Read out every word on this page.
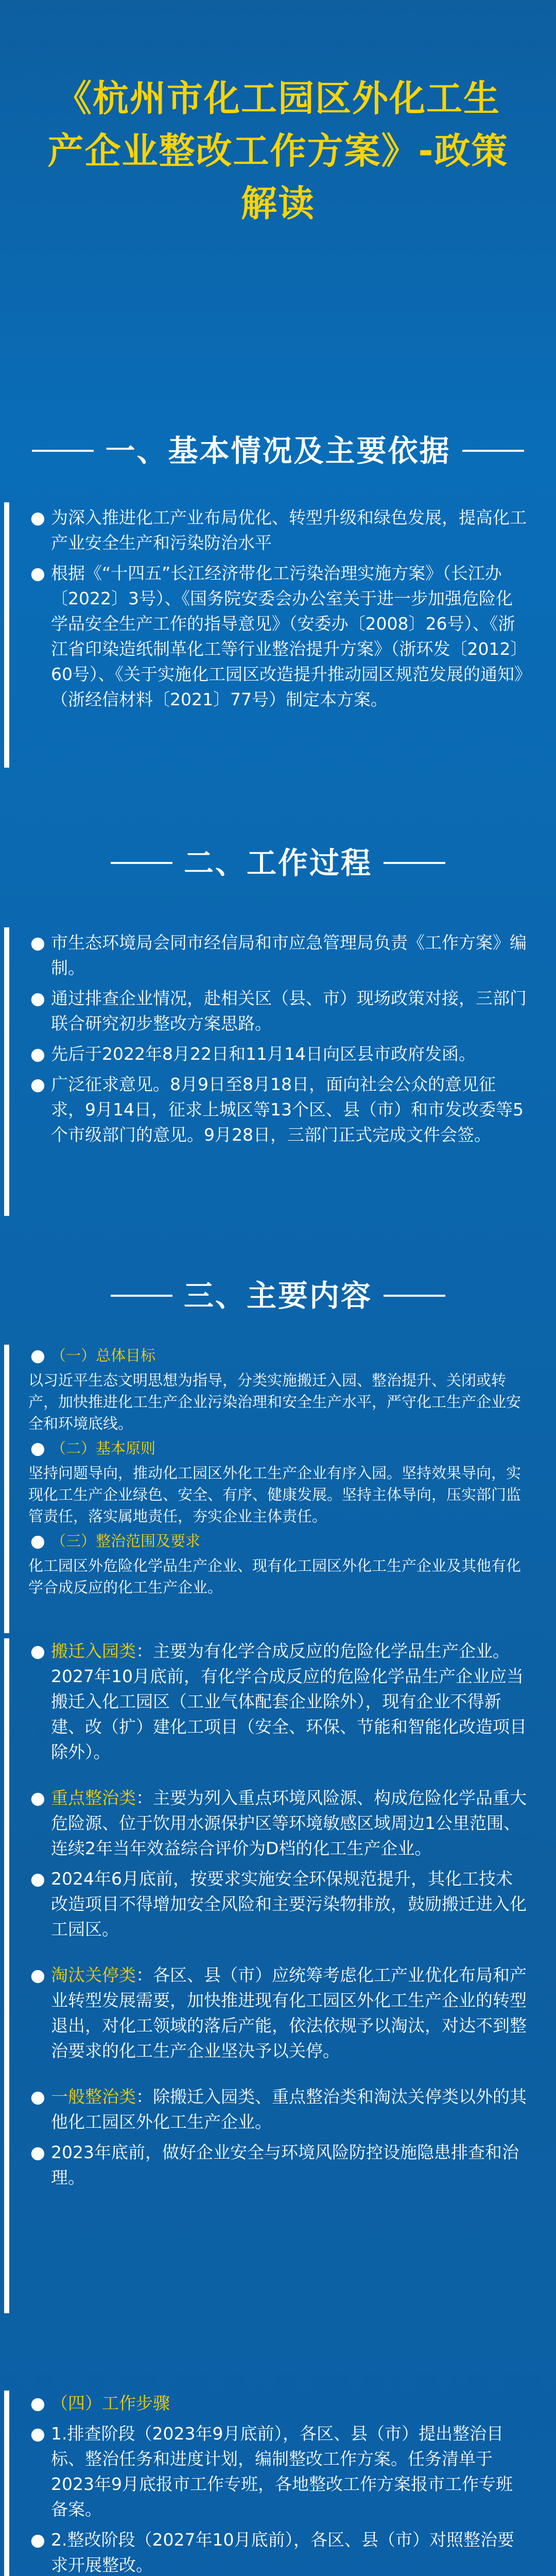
《杭州市化工园区外化工生产企业整改工作方案》-政策解读
一、基本情况及主要依据
● 为深入推进化工产业布局优化、转型升级和绿色发展，提高化工产业安全生产和污染防治水平
● 根据《“十四五”长江经济带化工污染治理实施方案》（长江办〔2022〕3号）、《国务院安委会办公室关于进一步加强危险化学品安全生产工作的指导意见》（安委办〔2008〕26号）、《浙江省印染造纸制革化工等行业整治提升方案》（浙环发〔2012〕60号）、《关于实施化工园区改造提升推动园区规范发展的通知》（浙经信材料〔2021〕77号）制定本方案。
二、工作过程
● 市生态环境局会同市经信局和市应急管理局负责《工作方案》编制。
● 通过排查企业情况，赴相关区（县、市）现场政策对接，三部门联合研究初步整改方案思路。
● 先后于2022年8月22日和11月14日向区县市政府发函。
● 广泛征求意见。8月9日至8月18日，面向社会公众的意见征求，9月14日，征求上城区等13个区、县（市）和市发改委等5个市级部门的意见。9月28日，三部门正式完成文件会签。
三、主要内容
● （一）总体目标
以习近平生态文明思想为指导，分类实施搬迁入园、整治提升、关闭或转产，加快推进化工生产企业污染治理和安全生产水平，严守化工生产企业安全和环境底线。
● （二）基本原则
坚持问题导向，推动化工园区外化工生产企业有序入园。坚持效果导向，实现化工生产企业绿色、安全、有序、健康发展。坚持主体导向，压实部门监管责任，落实属地责任，夯实企业主体责任。
● （三）整治范围及要求
化工园区外危险化学品生产企业、现有化工园区外化工生产企业及其他有化学合成反应的化工生产企业。
● 搬迁入园类：主要为有化学合成反应的危险化学品生产企业。2027年10月底前，有化学合成反应的危险化学品生产企业应当搬迁入化工园区（工业气体配套企业除外），现有企业不得新建、改（扩）建化工项目（安全、环保、节能和智能化改造项目除外）。
● 重点整治类：主要为列入重点环境风险源、构成危险化学品重大危险源、位于饮用水源保护区等环境敏感区域周边1公里范围、连续2年当年效益综合评价为D档的化工生产企业。
● 2024年6月底前，按要求实施安全环保规范提升，其化工技术改造项目不得增加安全风险和主要污染物排放，鼓励搬迁进入化工园区。
● 淘汰关停类：各区、县（市）应统筹考虑化工产业优化布局和产业转型发展需要，加快推进现有化工园区外化工生产企业的转型退出，对化工领域的落后产能，依法依规予以淘汰，对达不到整治要求的化工生产企业坚决予以关停。
● 一般整治类：除搬迁入园类、重点整治类和淘汰关停类以外的其他化工园区外化工生产企业。
● 2023年底前，做好企业安全与环境风险防控设施隐患排查和治理。
● （四）工作步骤
● 1.排查阶段（2023年9月底前），各区、县（市）提出整治目标、整治任务和进度计划，编制整改工作方案。任务清单于2023年9月底报市工作专班，各地整改工作方案报市工作专班备案。
● 2.整改阶段（2027年10月底前），各区、县（市）对照整治要求开展整改。
